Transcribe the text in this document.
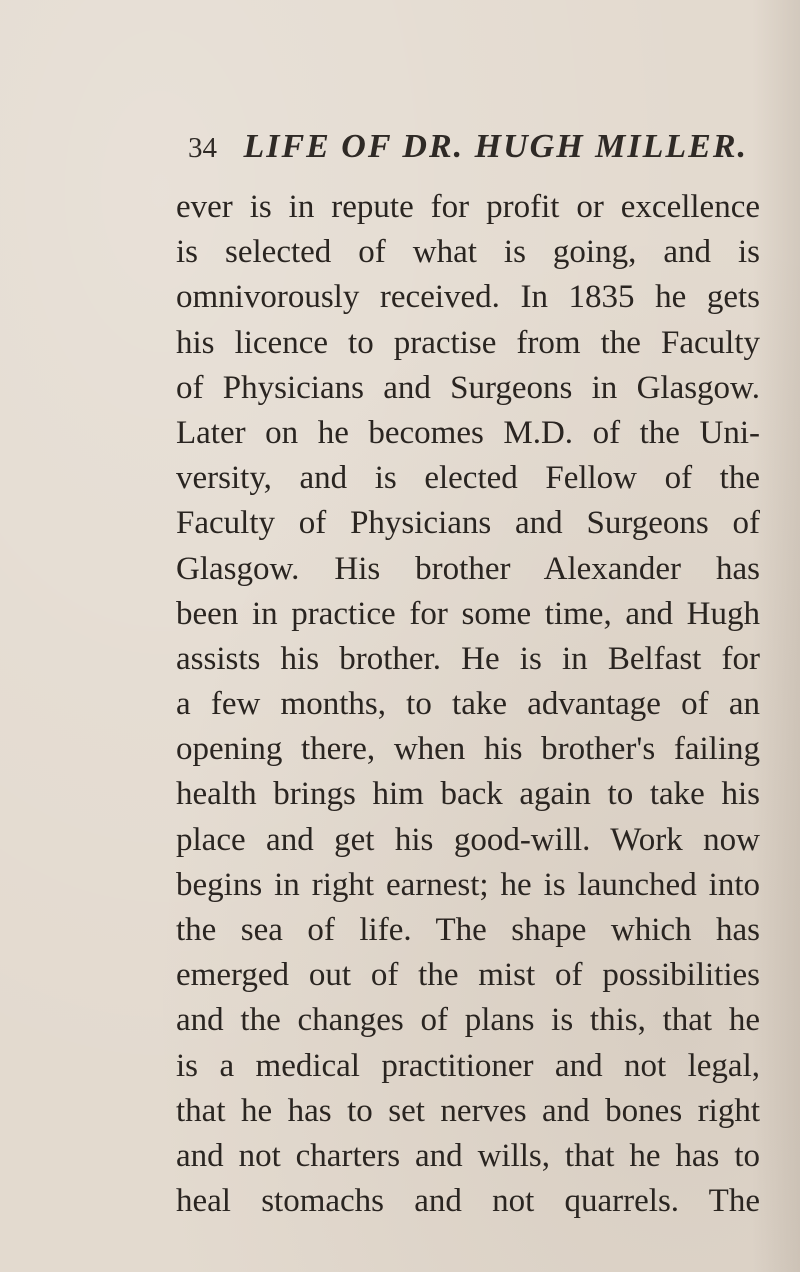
34 LIFE OF DR. HUGH MILLER.
ever is in repute for profit or excellence
is selected of what is going, and is
omnivorously received. In 1835 he gets
his licence to practise from the Faculty
of Physicians and Surgeons in Glasgow.
Later on he becomes M.D. of the Uni-
versity, and is elected Fellow of the
Faculty of Physicians and Surgeons of
Glasgow. His brother Alexander has
been in practice for some time, and Hugh
assists his brother. He is in Belfast for
a few months, to take advantage of an
opening there, when his brother's failing
health brings him back again to take his
place and get his good-will. Work now
begins in right earnest; he is launched into
the sea of life. The shape which has
emerged out of the mist of possibilities
and the changes of plans is this, that he
is a medical practitioner and not legal,
that he has to set nerves and bones right
and not charters and wills, that he has to
heal stomachs and not quarrels. The
